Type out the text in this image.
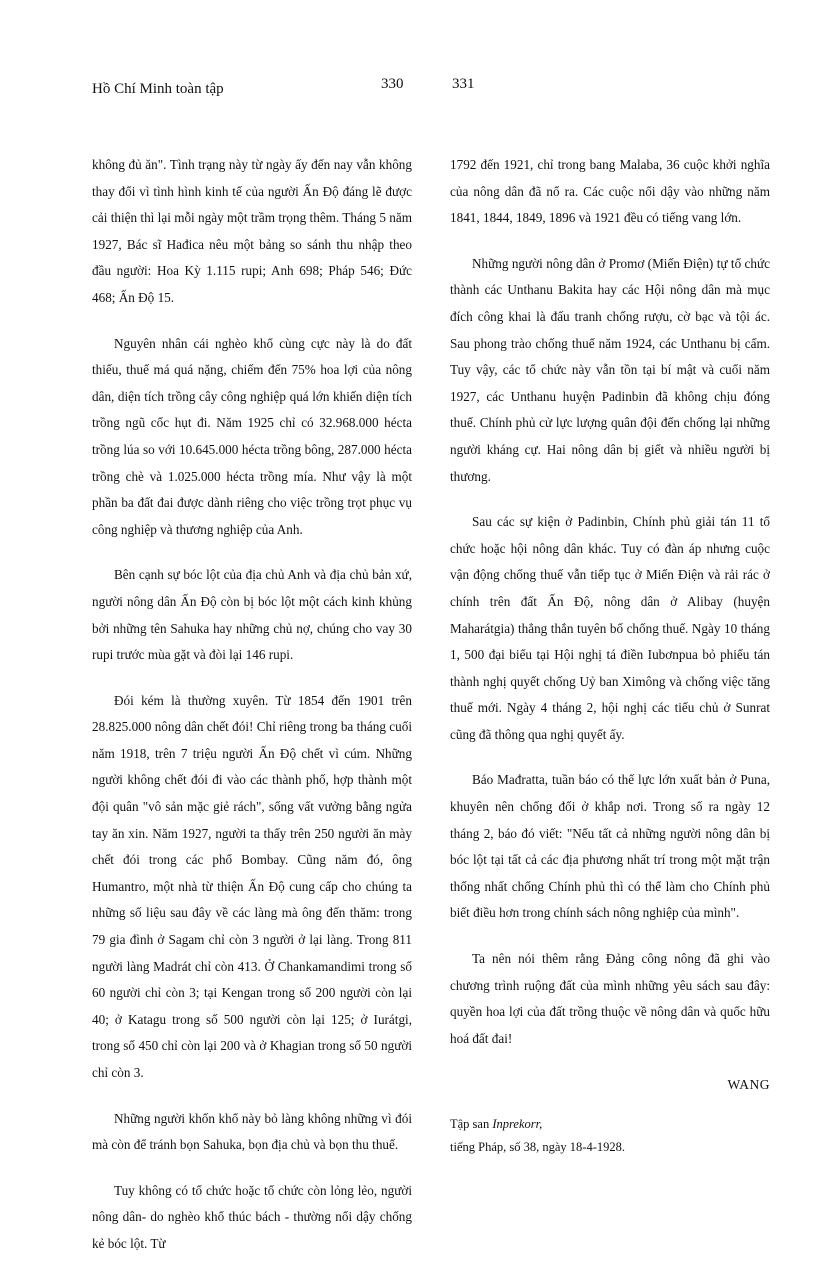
Hồ Chí Minh toàn tập	330	331

không đủ ăn". Tình trạng này từ ngày ấy đến nay vẫn không thay đổi vì tình hình kinh tế của người Ấn Độ đáng lẽ được cải thiện thì lại mỗi ngày một trầm trọng thêm. Tháng 5 năm 1927, Bác sĩ Hađica nêu một bảng so sánh thu nhập theo đầu người: Hoa Kỳ 1.115 rupi; Anh 698; Pháp 546; Đức 468; Ấn Độ 15.

Nguyên nhân cái nghèo khổ cùng cực này là do đất thiếu, thuế má quá nặng, chiếm đến 75% hoa lợi của nông dân, diện tích trồng cây công nghiệp quá lớn khiến diện tích trồng ngũ cốc hụt đi. Năm 1925 chỉ có 32.968.000 hécta trồng lúa so với 10.645.000 hécta trồng bông, 287.000 hécta trồng chè và 1.025.000 hécta trồng mía. Như vậy là một phần ba đất đai được dành riêng cho việc trồng trọt phục vụ công nghiệp và thương nghiệp của Anh.

Bên cạnh sự bóc lột của địa chủ Anh và địa chủ bản xứ, người nông dân Ấn Độ còn bị bóc lột một cách kinh khủng bởi những tên Sahuka hay những chủ nợ, chúng cho vay 30 rupi trước mùa gặt và đòi lại 146 rupi.

Đói kém là thường xuyên. Từ 1854 đến 1901 trên 28.825.000 nông dân chết đói! Chỉ riêng trong ba tháng cuối năm 1918, trên 7 triệu người Ấn Độ chết vì cúm. Những người không chết đói đi vào các thành phố, hợp thành một đội quân "vô sản mặc giẻ rách", sống vất vưởng bằng ngửa tay ăn xin. Năm 1927, người ta thấy trên 250 người ăn mày chết đói trong các phố Bombay. Cũng năm đó, ông Humantro, một nhà từ thiện Ấn Độ cung cấp cho chúng ta những số liệu sau đây về các làng mà ông đến thăm: trong 79 gia đình ở Sagam chỉ còn 3 người ở lại làng. Trong 811 người làng Madrát chỉ còn 413. Ở Chankamandimi trong số 60 người chỉ còn 3; tại Kengan trong số 200 người còn lại 40; ở Katagu trong số 500 người còn lại 125; ở Iurátgi, trong số 450 chỉ còn lại 200 và ở Khagian trong số 50 người chỉ còn 3.

Những người khốn khổ này bỏ làng không những vì đói mà còn để tránh bọn Sahuka, bọn địa chủ và bọn thu thuế.

Tuy không có tổ chức hoặc tổ chức còn lỏng lẻo, người nông dân- do nghèo khổ thúc bách - thường nổi dậy chống kẻ bóc lột. Từ

1792 đến 1921, chỉ trong bang Malaba, 36 cuộc khởi nghĩa của nông dân đã nổ ra. Các cuộc nổi dậy vào những năm 1841, 1844, 1849, 1896 và 1921 đều có tiếng vang lớn.

Những người nông dân ở Promơ (Miến Điện) tự tổ chức thành các Unthanu Bakita hay các Hội nông dân mà mục đích công khai là đấu tranh chống rượu, cờ bạc và tội ác. Sau phong trào chống thuế năm 1924, các Unthanu bị cấm. Tuy vậy, các tổ chức này vẫn tồn tại bí mật và cuối năm 1927, các Unthanu huyện Padinbin đã không chịu đóng thuế. Chính phủ cử lực lượng quân đội đến chống lại những người kháng cự. Hai nông dân bị giết và nhiều người bị thương.

Sau các sự kiện ở Padinbin, Chính phủ giải tán 11 tổ chức hoặc hội nông dân khác. Tuy có đàn áp nhưng cuộc vận động chống thuế vẫn tiếp tục ở Miến Điện và rải rác ở chính trên đất Ấn Độ, nông dân ở Alibay (huyện Maharátgia) thẳng thắn tuyên bố chống thuế. Ngày 10 tháng 1, 500 đại biểu tại Hội nghị tá điền Iubơnpua bỏ phiếu tán thành nghị quyết chống Uỷ ban Ximông và chống việc tăng thuế mới. Ngày 4 tháng 2, hội nghị các tiểu chủ ở Sunrat cũng đã thông qua nghị quyết ấy.

Báo Mađratta, tuần báo có thế lực lớn xuất bản ở Puna, khuyên nên chống đối ở khắp nơi. Trong số ra ngày 12 tháng 2, báo đó viết: "Nếu tất cả những người nông dân bị bóc lột tại tất cả các địa phương nhất trí trong một mặt trận thống nhất chống Chính phủ thì có thể làm cho Chính phủ biết điều hơn trong chính sách nông nghiệp của mình".

Ta nên nói thêm rằng Đảng công nông đã ghi vào chương trình ruộng đất của mình những yêu sách sau đây: quyền hoa lợi của đất trồng thuộc về nông dân và quốc hữu hoá đất đai!

WANG
Tập san Inprekorr,
tiếng Pháp, số 38, ngày 18-4-1928.
